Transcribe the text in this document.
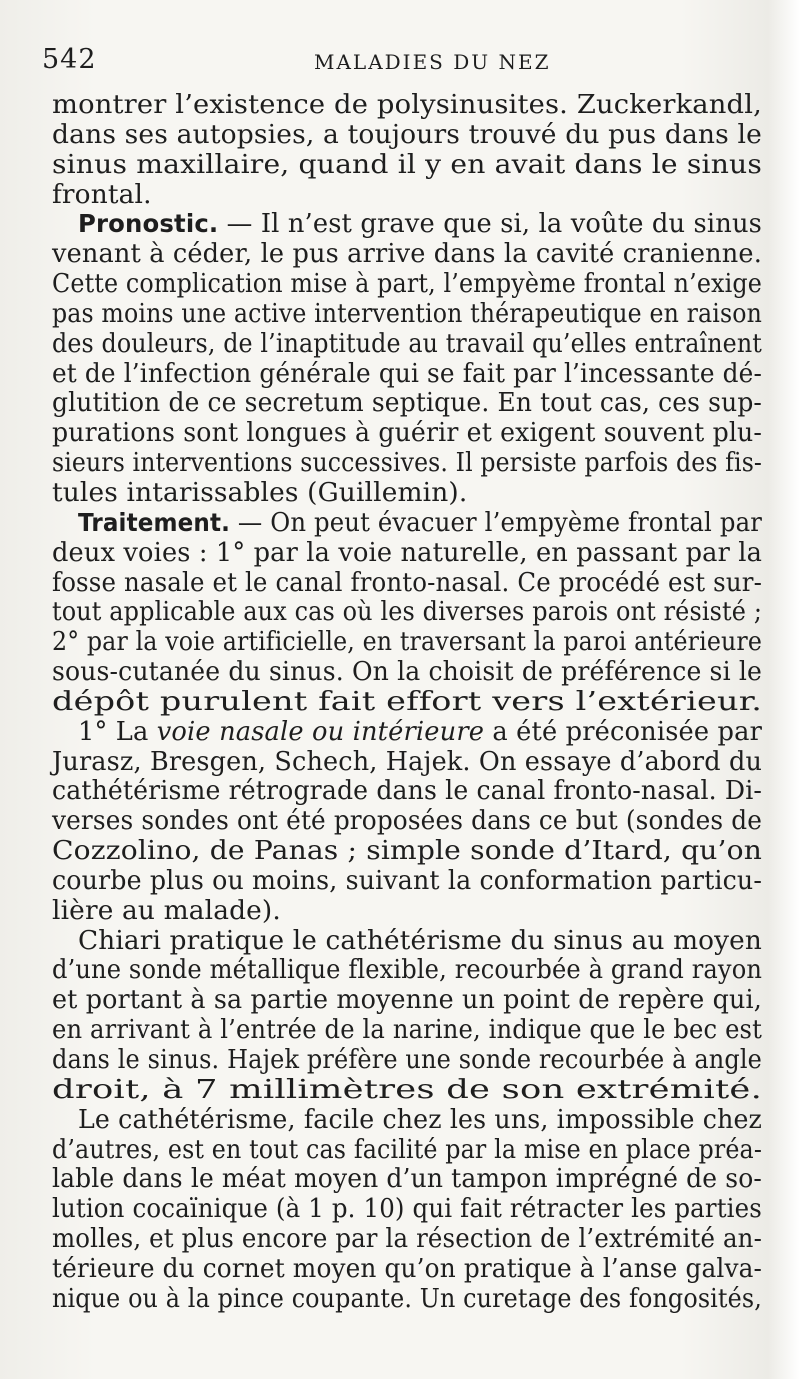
542	MALADIES DU NEZ
montrer l’existence de polysinusites. Zuckerkandl,
dans ses autopsies, a toujours trouvé du pus dans le
sinus maxillaire, quand il y en avait dans le sinus
frontal.
Pronostic. — Il n’est grave que si, la voûte du sinus
venant à céder, le pus arrive dans la cavité cranienne.
Cette complication mise à part, l’empyème frontal n’exige
pas moins une active intervention thérapeutique en raison
des douleurs, de l’inaptitude au travail qu’elles entraînent
et de l’infection générale qui se fait par l’incessante dé-
glutition de ce secretum septique. En tout cas, ces sup-
purations sont longues à guérir et exigent souvent plu-
sieurs interventions successives. Il persiste parfois des fis-
tules intarissables (Guillemin).
Traitement. — On peut évacuer l’empyème frontal par
deux voies : 1° par la voie naturelle, en passant par la
fosse nasale et le canal fronto-nasal. Ce procédé est sur-
tout applicable aux cas où les diverses parois ont résisté ;
2° par la voie artificielle, en traversant la paroi antérieure
sous-cutanée du sinus. On la choisit de préférence si le
dépôt purulent fait effort vers l’extérieur.
1° La voie nasale ou intérieure a été préconisée par
Jurasz, Bresgen, Schech, Hajek. On essaye d’abord du
cathétérisme rétrograde dans le canal fronto-nasal. Di-
verses sondes ont été proposées dans ce but (sondes de
Cozzolino, de Panas ; simple sonde d’Itard, qu’on
courbe plus ou moins, suivant la conformation particu-
lière au malade).
Chiari pratique le cathétérisme du sinus au moyen
d’une sonde métallique flexible, recourbée à grand rayon
et portant à sa partie moyenne un point de repère qui,
en arrivant à l’entrée de la narine, indique que le bec est
dans le sinus. Hajek préfère une sonde recourbée à angle
droit, à 7 millimètres de son extrémité.
Le cathétérisme, facile chez les uns, impossible chez
d’autres, est en tout cas facilité par la mise en place préa-
lable dans le méat moyen d’un tampon imprégné de so-
lution cocaïnique (à 1 p. 10) qui fait rétracter les parties
molles, et plus encore par la résection de l’extrémité an-
térieure du cornet moyen qu’on pratique à l’anse galva-
nique ou à la pince coupante. Un curetage des fongosités,
